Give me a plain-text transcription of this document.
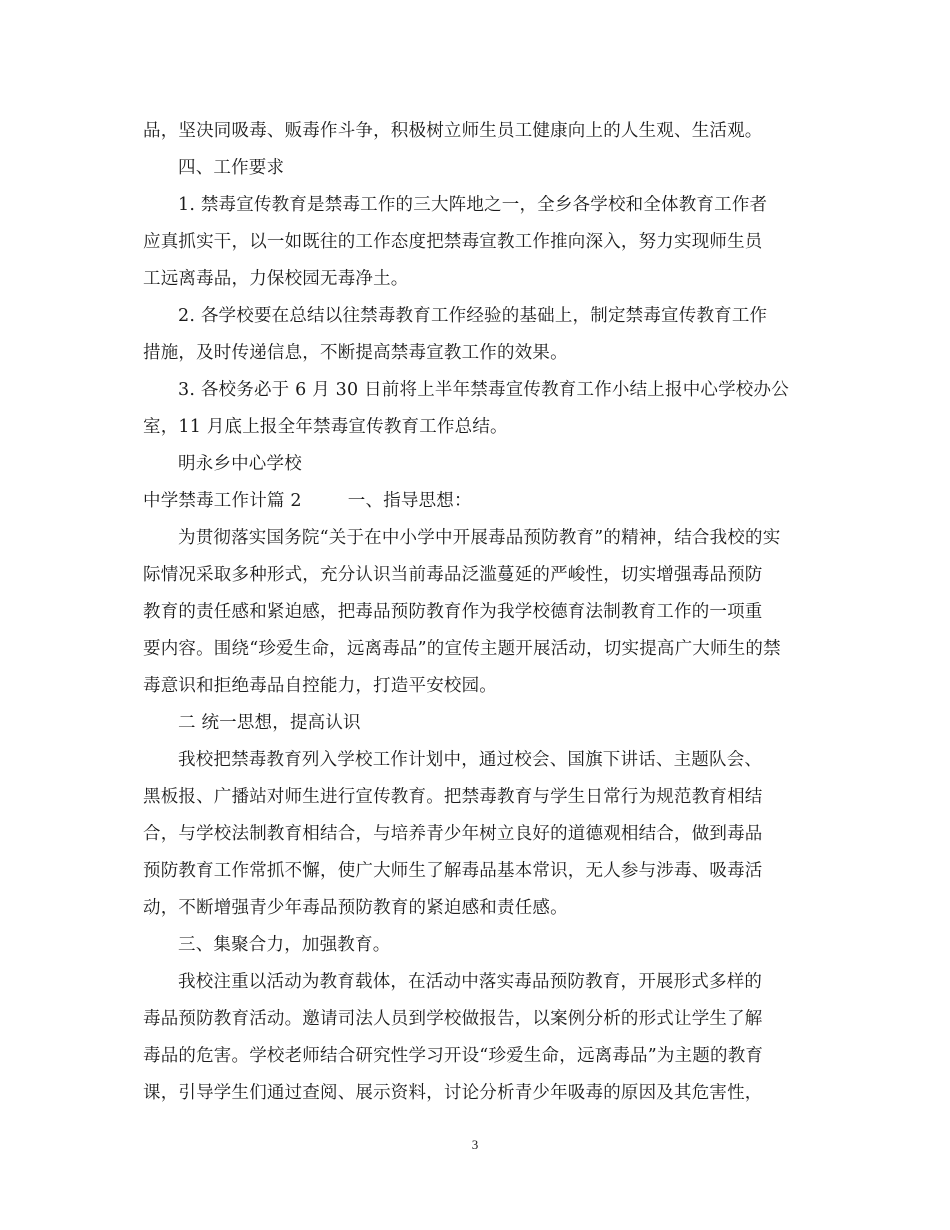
品，坚决同吸毒、贩毒作斗争，积极树立师生员工健康向上的人生观、生活观。
四、工作要求
1. 禁毒宣传教育是禁毒工作的三大阵地之一，全乡各学校和全体教育工作者
应真抓实干，以一如既往的工作态度把禁毒宣教工作推向深入，努力实现师生员
工远离毒品，力保校园无毒净土。
2. 各学校要在总结以往禁毒教育工作经验的基础上，制定禁毒宣传教育工作
措施，及时传递信息，不断提高禁毒宣教工作的效果。
3. 各校务必于 6 月 30 日前将上半年禁毒宣传教育工作小结上报中心学校办公
室，11 月底上报全年禁毒宣传教育工作总结。
明永乡中心学校
中学禁毒工作计篇 2        一、指导思想：
为贯彻落实国务院“关于在中小学中开展毒品预防教育”的精神，结合我校的实
际情况采取多种形式，充分认识当前毒品泛滥蔓延的严峻性，切实增强毒品预防
教育的责任感和紧迫感，把毒品预防教育作为我学校德育法制教育工作的一项重
要内容。围绕“珍爱生命，远离毒品”的宣传主题开展活动，切实提高广大师生的禁
毒意识和拒绝毒品自控能力，打造平安校园。
二 统一思想，提高认识
我校把禁毒教育列入学校工作计划中，通过校会、国旗下讲话、主题队会、
黑板报、广播站对师生进行宣传教育。把禁毒教育与学生日常行为规范教育相结
合，与学校法制教育相结合，与培养青少年树立良好的道德观相结合，做到毒品
预防教育工作常抓不懈，使广大师生了解毒品基本常识，无人参与涉毒、吸毒活
动，不断增强青少年毒品预防教育的紧迫感和责任感。
三、集聚合力，加强教育。
我校注重以活动为教育载体，在活动中落实毒品预防教育，开展形式多样的
毒品预防教育活动。邀请司法人员到学校做报告，以案例分析的形式让学生了解
毒品的危害。学校老师结合研究性学习开设“珍爱生命，远离毒品”为主题的教育
课，引导学生们通过查阅、展示资料，讨论分析青少年吸毒的原因及其危害性，
3
